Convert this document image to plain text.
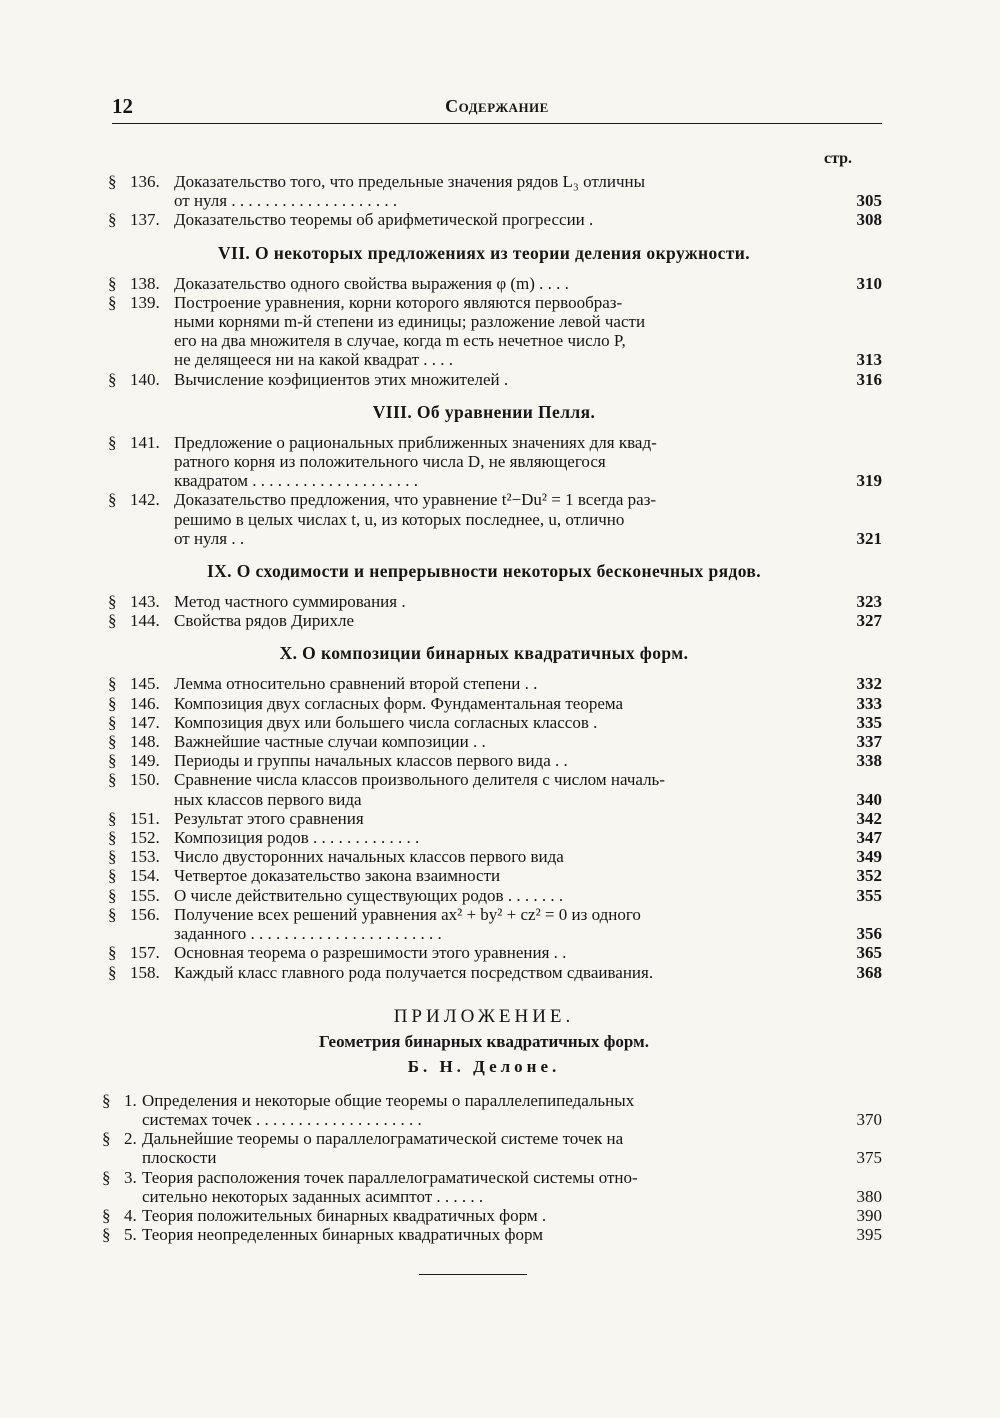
12	Содержание
стр.
§ 136. Доказательство того, что предельные значения рядов L₃ отличны
от нуля . . . . . . . . . . . . . . . . . . . .	305
§ 137. Доказательство теоремы об арифметической прогрессии .	308
VII. О некоторых предложениях из теории деления окружности.
§ 138. Доказательство одного свойства выражения φ (m) . . . .	310
§ 139. Построение уравнения, корни которого являются первообраз-
ными корнями m-й степени из единицы; разложение левой части
его на два множителя в случае, когда m есть нечетное число P,
не делящееся ни на какой квадрат . . . .	313
§ 140. Вычисление коэфициентов этих множителей .	316
VIII. Об уравнении Пелля.
§ 141. Предложение о рациональных приближенных значениях для квад-
ратного корня из положительного числа D, не являющегося
квадратом . . . . . . . . . . . . . . . . . . . .	319
§ 142. Доказательство предложения, что уравнение t²−Du² = 1 всегда раз-
решимо в целых числах t, u, из которых последнее, u, отлично
от нуля . .	321
IX. О сходимости и непрерывности некоторых бесконечных рядов.
§ 143. Метод частного суммирования .	323
§ 144. Свойства рядов Дирихле	327
X. О композиции бинарных квадратичных форм.
§ 145. Лемма относительно сравнений второй степени . .	332
§ 146. Композиция двух согласных форм. Фундаментальная теорема	333
§ 147. Композиция двух или большего числа согласных классов .	335
§ 148. Важнейшие частные случаи композиции . .	337
§ 149. Периоды и группы начальных классов первого вида . .	338
§ 150. Сравнение числа классов произвольного делителя с числом началь-
ных классов первого вида	340
§ 151. Результат этого сравнения	342
§ 152. Композиция родов . . . . . . . . . . . . .	347
§ 153. Число двусторонних начальных классов первого вида	349
§ 154. Четвертое доказательство закона взаимности	352
§ 155. О числе действительно существующих родов . . . . . . .	355
§ 156. Получение всех решений уравнения ax² + by² + cz² = 0 из одного
заданного . . . . . . . . . . . . . . . . . . . . . . .	356
§ 157. Основная теорема о разрешимости этого уравнения . .	365
§ 158. Каждый класс главного рода получается посредством сдваивания.	368
ПРИЛОЖЕНИЕ.
Геометрия бинарных квадратичных форм.
Б. Н. Делоне.
§ 1. Определения и некоторые общие теоремы о параллелепипедальных
системах точек . . . . . . . . . . . . . . . . . . . .	370
§ 2. Дальнейшие теоремы о параллелограматической системе точек на
плоскости	375
§ 3. Теория расположения точек параллелограматической системы отно-
сительно некоторых заданных асимптот . . . . . .	380
§ 4. Теория положительных бинарных квадратичных форм .	390
§ 5. Теория неопределенных бинарных квадратичных форм	395
